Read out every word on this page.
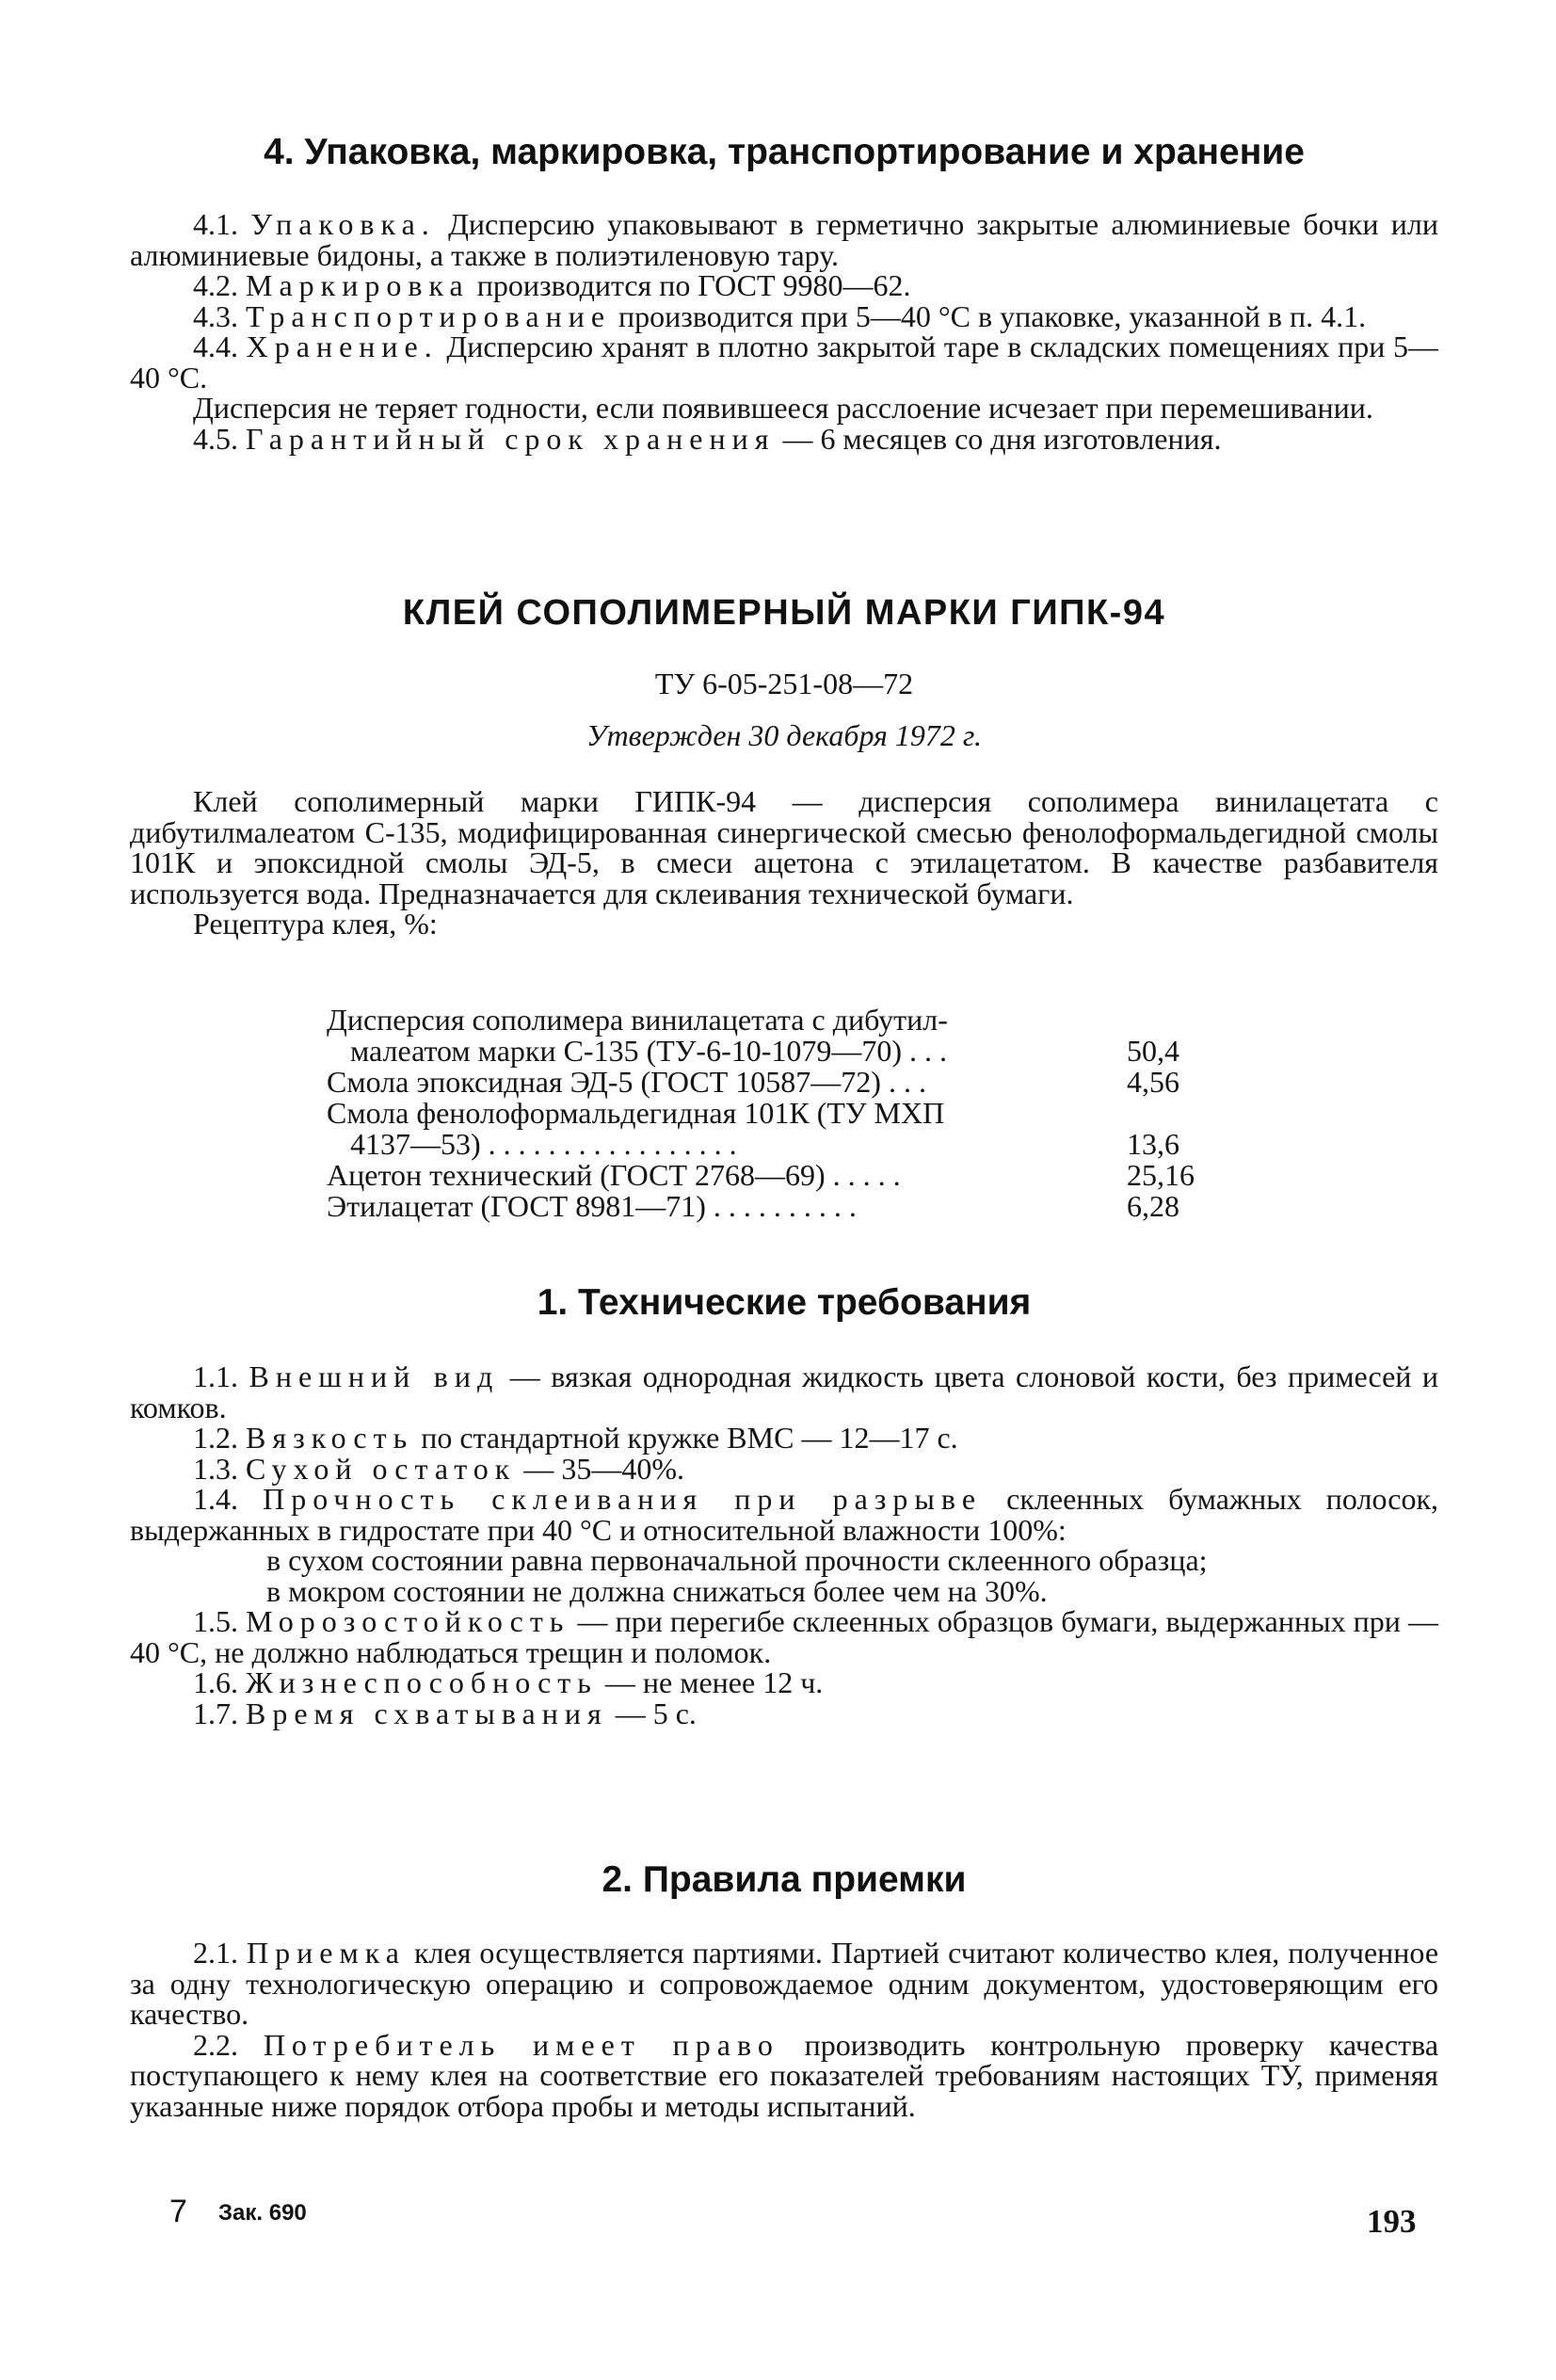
4. Упаковка, маркировка, транспортирование и хранение

4.1. Упаковка. Дисперсию упаковывают в герметично закрытые алюминиевые бочки или алюминиевые бидоны, а также в полиэтиленовую тару.

4.2. Маркировка производится по ГОСТ 9980—62.

4.3. Транспортирование производится при 5—40 °С в упаковке, указанной в п. 4.1.

4.4. Хранение. Дисперсию хранят в плотно закрытой таре в складских помещениях при 5—40 °С.

Дисперсия не теряет годности, если появившееся расслоение исчезает при перемешивании.

4.5. Гарантийный срок хранения — 6 месяцев со дня изготовления.

КЛЕЙ СОПОЛИМЕРНЫЙ МАРКИ ГИПК-94
ТУ 6-05-251-08—72
Утвержден 30 декабря 1972 г.

Клей сополимерный марки ГИПК-94 — дисперсия сополимера винилацетата с дибутилмалеатом С-135, модифицированная синергической смесью фенолоформальдегидной смолы 101К и эпоксидной смолы ЭД-5, в смеси ацетона с этилацетатом. В качестве разбавителя используется вода. Предназначается для склеивания технической бумаги.

Рецептура клея, %:

Дисперсия сополимера винилацетата с дибутил-
малеатом марки С-135 (ТУ-6-10-1079—70) . . .	50,4
Смола эпоксидная ЭД-5 (ГОСТ 10587—72) . . .	4,56
Смола фенолоформальдегидная 101К (ТУ МХП
4137—53) . . . . . . . . . . . . . . . . .	13,6
Ацетон технический (ГОСТ 2768—69) . . . . .	25,16
Этилацетат (ГОСТ 8981—71) . . . . . . . . . .	6,28
1. Технические требования

1.1. Внешний вид — вязкая однородная жидкость цвета слоновой кости, без примесей и комков.

1.2. Вязкость по стандартной кружке ВМС — 12—17 с.

1.3. Сухой остаток — 35—40%.

1.4. Прочность склеивания при разрыве склеенных бумажных полосок, выдержанных в гидростате при 40 °С и относительной влажности 100%:

в сухом состоянии равна первоначальной прочности склеенного образца;

в мокром состоянии не должна снижаться более чем на 30%.

1.5. Морозостойкость — при перегибе склеенных образцов бумаги, выдержанных при —40 °С, не должно наблюдаться трещин и поломок.

1.6. Жизнеспособность — не менее 12 ч.

1.7. Время схватывания — 5 с.

2. Правила приемки

2.1. Приемка клея осуществляется партиями. Партией считают количество клея, полученное за одну технологическую операцию и сопровождаемое одним документом, удостоверяющим его качество.

2.2. Потребитель имеет право производить контрольную проверку качества поступающего к нему клея на соответствие его показателей требованиям настоящих ТУ, применяя указанные ниже порядок отбора пробы и методы испытаний.

7 Зак. 690	193
